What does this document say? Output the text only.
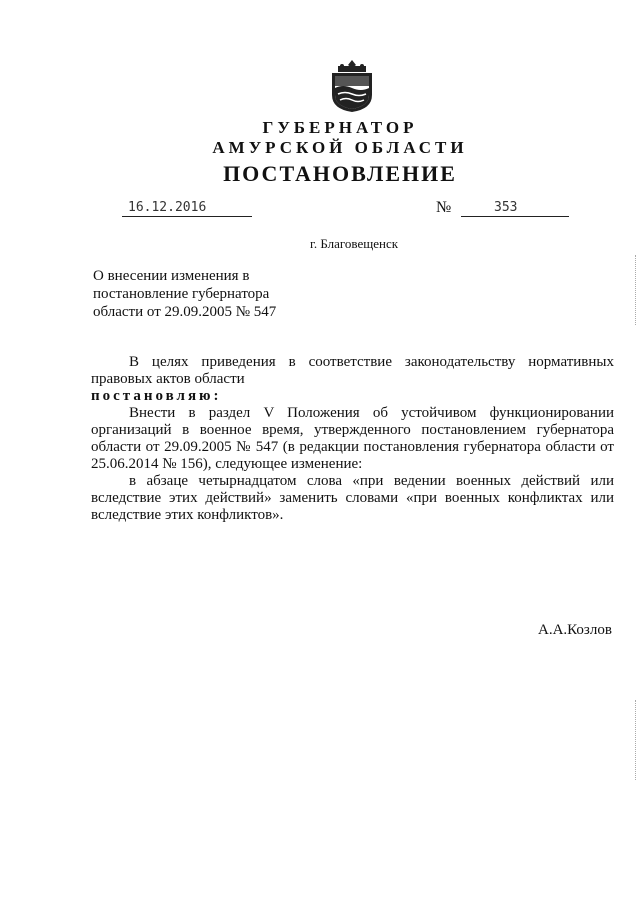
ГУБЕРНАТОР
АМУРСКОЙ ОБЛАСТИ
ПОСТАНОВЛЕНИЕ
16.12.2016	№	353
г. Благовещенск
О внесении изменения в
постановление губернатора
области от 29.09.2005 № 547

В целях приведения в соответствие законодательству нормативных правовых актов области

постановляю:

Внести в раздел V Положения об устойчивом функционировании организаций в военное время, утвержденного постановлением губернатора области от 29.09.2005 № 547 (в редакции постановления губернатора области от 25.06.2014 № 156), следующее изменение:

в абзаце четырнадцатом слова «при ведении военных действий или вследствие этих действий» заменить словами «при военных конфликтах или вследствие этих конфликтов».

А.А.Козлов
